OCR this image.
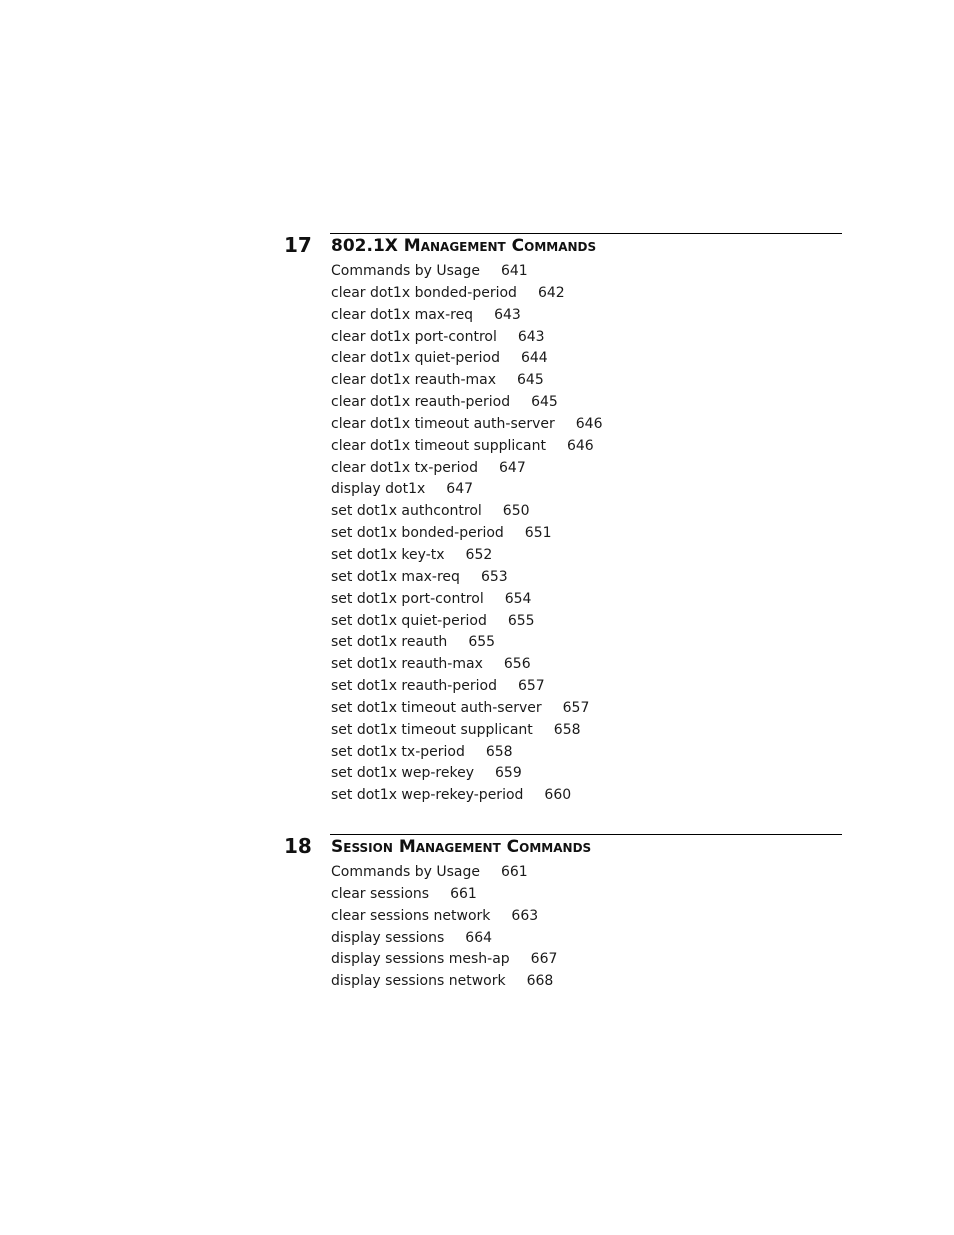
17 802.1X Management Commands
Commands by Usage 641
clear dot1x bonded-period 642
clear dot1x max-req 643
clear dot1x port-control 643
clear dot1x quiet-period 644
clear dot1x reauth-max 645
clear dot1x reauth-period 645
clear dot1x timeout auth-server 646
clear dot1x timeout supplicant 646
clear dot1x tx-period 647
display dot1x 647
set dot1x authcontrol 650
set dot1x bonded-period 651
set dot1x key-tx 652
set dot1x max-req 653
set dot1x port-control 654
set dot1x quiet-period 655
set dot1x reauth 655
set dot1x reauth-max 656
set dot1x reauth-period 657
set dot1x timeout auth-server 657
set dot1x timeout supplicant 658
set dot1x tx-period 658
set dot1x wep-rekey 659
set dot1x wep-rekey-period 660
18 Session Management Commands
Commands by Usage 661
clear sessions 661
clear sessions network 663
display sessions 664
display sessions mesh-ap 667
display sessions network 668
